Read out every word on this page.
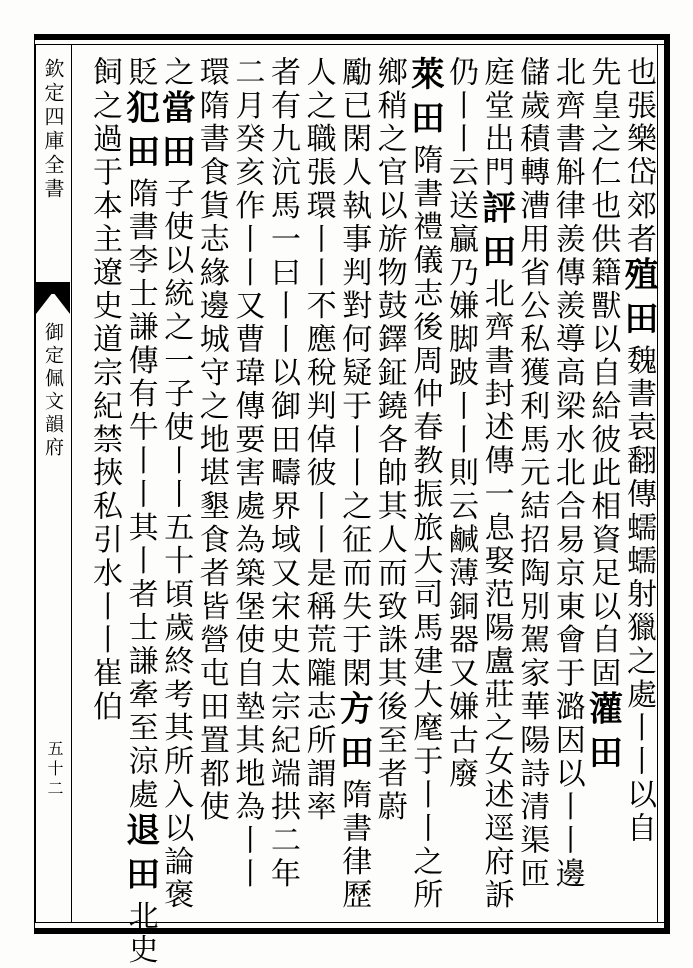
欽定四庫全書
御定佩文韻府
五十二
也張樂岱郊者殖田魏書袁翻傳蠕蠕射獵之處丨丨以自
先皇之仁也供籍獸以自給彼此相資足以自固灌田
北齊書斛律羨傳羨導高梁水北合易京東會于潞因以丨丨邊
儲歲積轉漕用省公私獲利馬元結招陶別駕家華陽詩清渠匝
庭堂出門評田北齊書封述傳一息娶范陽盧莊之女述逕府訴
仍丨丨云送贏乃嫌脚跛丨丨則云鹹薄銅器又嫌古廢
萊田隋書禮儀志後周仲春教振旅大司馬建大麾于丨丨之所
鄉稍之官以旂物鼓鐸鉦鐃各帥其人而致誅其後至者蔚
勵已閑人執事判對何疑于丨丨之征而失于閑方田隋書律歷
人之職張環丨丨不應稅判倬彼丨丨是稱荒隴志所謂率
者有九沆馬一曰丨丨以御田疇界域又宋史太宗紀端拱二年
二月癸亥作丨丨又曹瑋傳要害處為築堡使自墊其地為丨丨
環隋書食貨志緣邊城守之地堪墾食者皆營屯田置都使
之當田子使以統之一子使丨丨五十頃歲終考其所入以論褒
貶犯田隋書李士謙傳有牛丨丨其丨者士謙牽至涼處退田北史
飼之過于本主遼史道宗紀禁挾私引水丨丨崔伯
